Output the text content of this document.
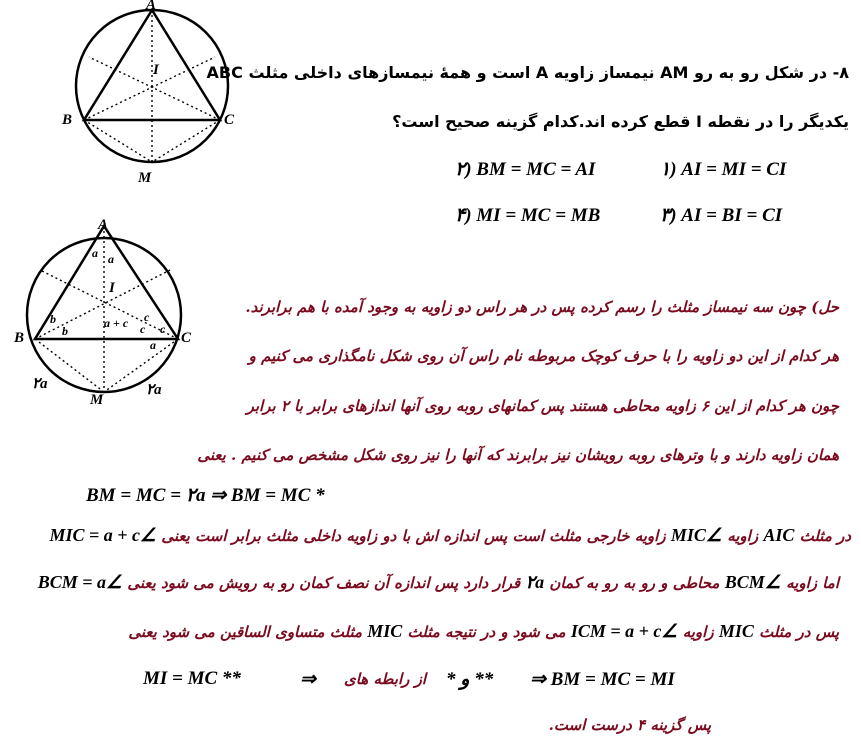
A
B	C
I
M
۸- در شکل رو به رو AM نیمساز زاویه A است و همهٔ نیمسازهای داخلی مثلث ABC
یکدیگر را در نقطه I قطع کرده اند.کدام گزینه صحیح است؟
۱) AI = MI = CI
۲) BM = MC = AI
۳) AI = BI = CI
۴) MI = MC = MB
A
B	C
I
M
a a
b
b
c
c c
a
a + c
۲a	۲a
حل) چون سه نیمساز مثلث را رسم کرده پس در هر راس دو زاویه به وجود آمده با هم برابرند.
هر کدام از این دو زاویه را با حرف کوچک مربوطه نام راس آن روی شکل نامگذاری می کنیم و
چون هر کدام از این ۶ زاویه محاطی هستند پس کمانهای روبه روی آنها اندازهای برابر با ۲ برابر
همان زاویه دارند و با وترهای روبه رویشان نیز برابرند که آنها را نیز روی شکل مشخص می کنیم . یعنی
BM = MC = ۲a ⇒ BM = MC *
در مثلث AIC زاویه ∠MIC زاویه خارجی مثلث است پس اندازه اش با دو زاویه داخلی مثلث برابر است یعنی ∠MIC = a + c
اما زاویه ∠BCM محاطی و رو به رو به کمان ۲a قرار دارد پس اندازه آن نصف کمان رو به رویش می شود یعنی ∠BCM = a
پس در مثلث MIC زاویه ∠ICM = a + c می شود و در نتیجه مثلث MIC مثلث متساوی الساقین می شود یعنی
MI = MC **	⇒ از رابطه های * و ** ⇒ BM = MC = MI
پس گزینه ۴ درست است.
